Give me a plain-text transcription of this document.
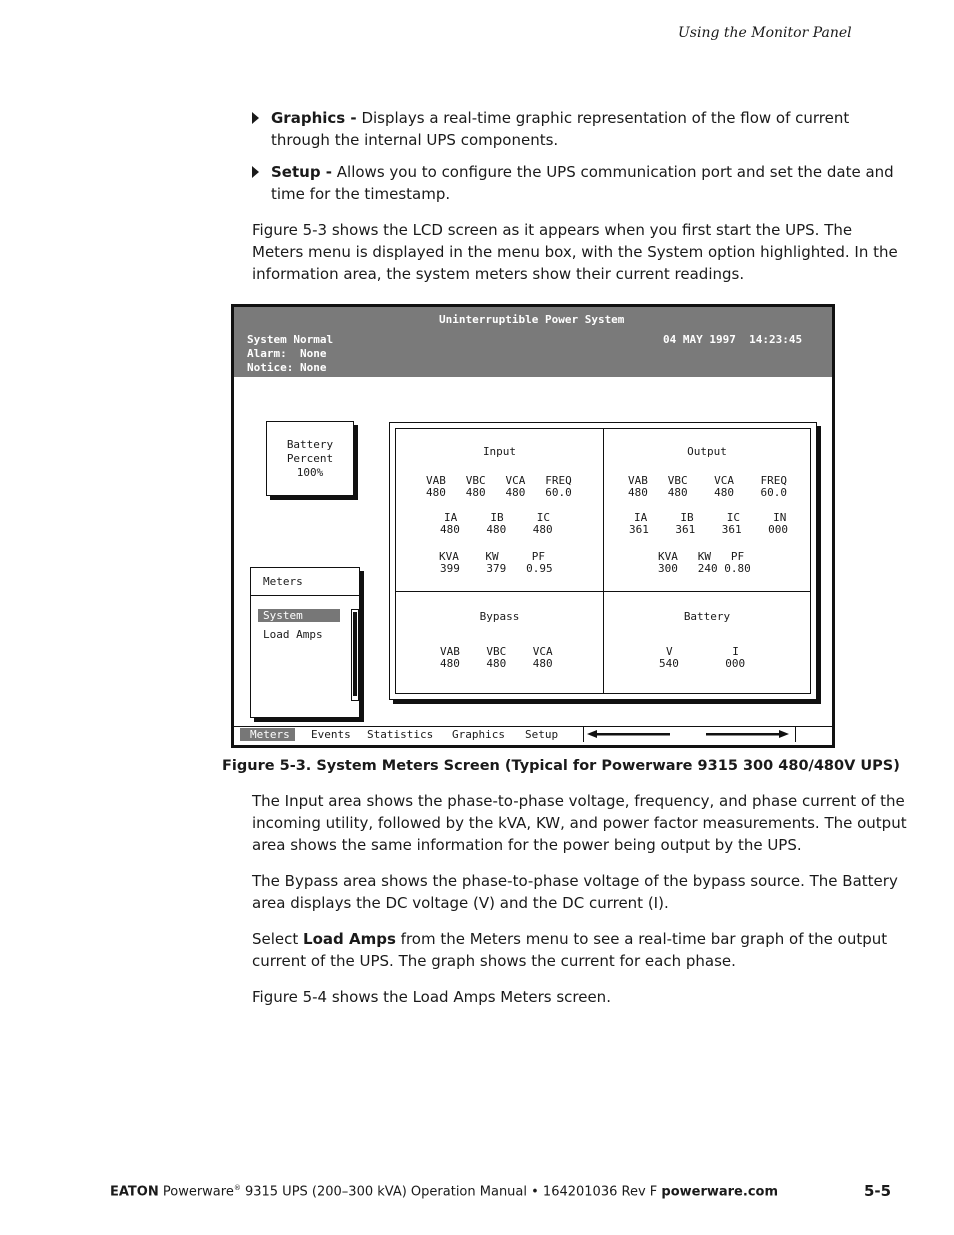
Using the Monitor Panel
Graphics - Displays a real-time graphic representation of the flow of current through the internal UPS components.
Setup - Allows you to configure the UPS communication port and set the date and time for the timestamp.
Figure 5-3 shows the LCD screen as it appears when you first start the UPS. The Meters menu is displayed in the menu box, with the System option highlighted. In the information area, the system meters show their current readings.
Uninterruptible Power System
System Normal
Alarm:  None
Notice: None
04 MAY 1997  14:23:45
Battery
Percent
100%
Input
VAB   VBC   VCA   FREQ
480   480   480   60.0
IA     IB     IC
480    480    480
KVA    KW     PF
399    379   0.95
Output
VAB   VBC    VCA    FREQ
480   480    480    60.0
IA     IB     IC     IN
361    361    361    000
KVA   KW   PF
300   240 0.80
Bypass
VAB    VBC    VCA
480    480    480
Battery
V         I
540       000
Meters
System
Load Amps
Meters	Events Statistics Graphics Setup
Figure 5-3. System Meters Screen (Typical for Powerware 9315 300 480/480V UPS)
The Input area shows the phase-to-phase voltage, frequency, and phase current of the incoming utility, followed by the kVA, KW, and power factor measurements. The output area shows the same information for the power being output by the UPS.
The Bypass area shows the phase-to-phase voltage of the bypass source. The Battery area displays the DC voltage (V) and the DC current (I).
Select Load Amps from the Meters menu to see a real-time bar graph of the output current of the UPS. The graph shows the current for each phase.
Figure 5-4 shows the Load Amps Meters screen.
EATON Powerware® 9315 UPS (200–300 kVA) Operation Manual • 164201036 Rev F powerware.com	5-5
